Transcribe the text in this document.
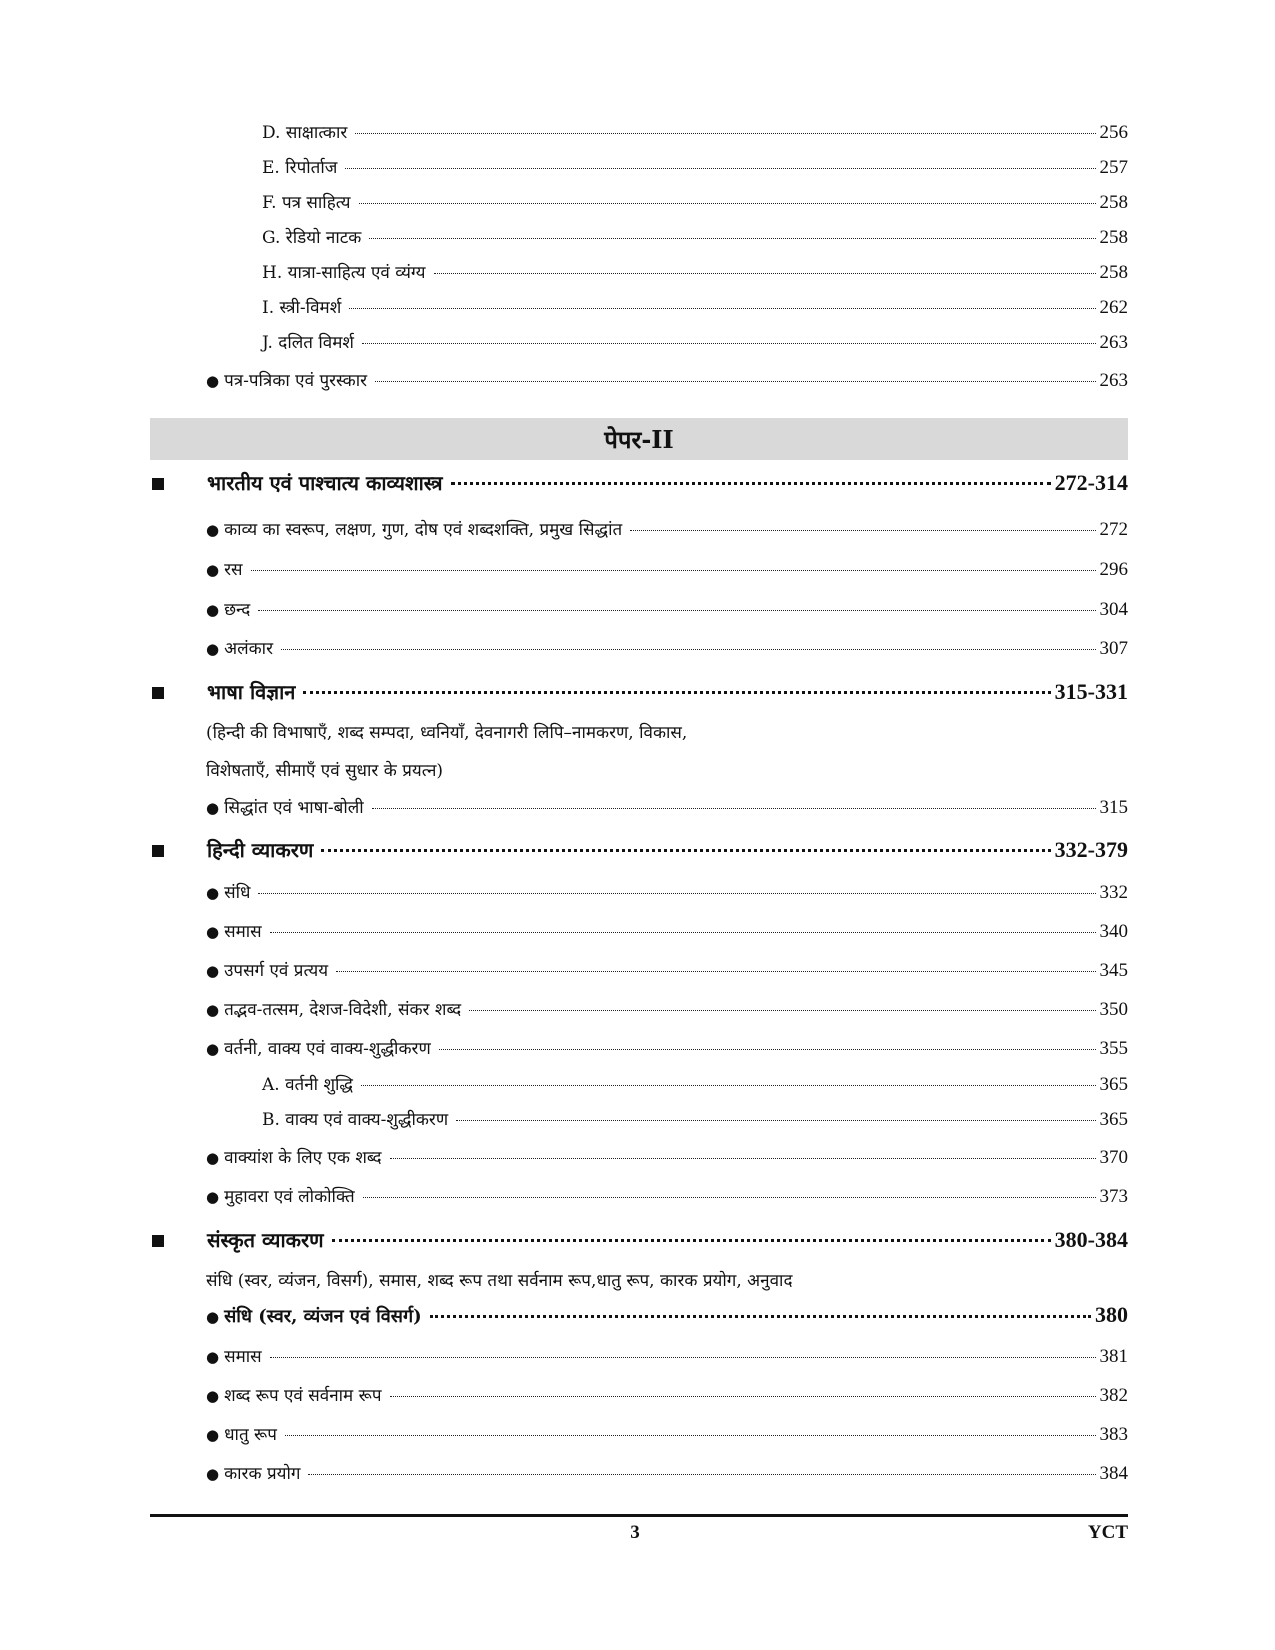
D. साक्षात्कार	256
E. रिपोर्ताज	257
F. पत्र साहित्य	258
G. रेडियो नाटक	258
H. यात्रा-साहित्य एवं व्यंग्य	258
I. स्त्री-विमर्श	262
J. दलित विमर्श	263
● पत्र-पत्रिका एवं पुरस्कार	263
पेपर-II
भारतीय एवं पाश्चात्य काव्यशास्त्र	272-314
● काव्य का स्वरूप, लक्षण, गुण, दोष एवं शब्दशक्ति, प्रमुख सिद्धांत	272
● रस	296
● छन्द	304
● अलंकार	307
भाषा विज्ञान	315-331
(हिन्दी की विभाषाएँ, शब्द सम्पदा, ध्वनियाँ, देवनागरी लिपि–नामकरण, विकास,
विशेषताएँ, सीमाएँ एवं सुधार के प्रयत्न)
● सिद्धांत एवं भाषा-बोली	315
हिन्दी व्याकरण	332-379
● संधि	332
● समास	340
● उपसर्ग एवं प्रत्यय	345
● तद्भव-तत्सम, देशज-विदेशी, संकर शब्द	350
● वर्तनी, वाक्य एवं वाक्य-शुद्धीकरण	355
A. वर्तनी शुद्धि	365
B. वाक्य एवं वाक्य-शुद्धीकरण	365
● वाक्यांश के लिए एक शब्द	370
● मुहावरा एवं लोकोक्ति	373
संस्कृत व्याकरण	380-384
संधि (स्वर, व्यंजन, विसर्ग), समास, शब्द रूप तथा सर्वनाम रूप,धातु रूप, कारक प्रयोग, अनुवाद
● संधि (स्वर, व्यंजन एवं विसर्ग)	380
● समास	381
● शब्द रूप एवं सर्वनाम रूप	382
● धातु रूप	383
● कारक प्रयोग	384
3	YCT
